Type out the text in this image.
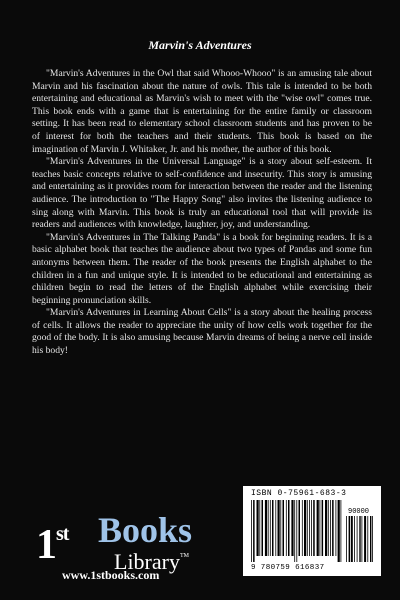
Marvin's Adventures

"Marvin's Adventures in the Owl that said Whooo-Whooo" is an amusing tale about Marvin and his fascination about the nature of owls. This tale is intended to be both entertaining and educational as Marvin's wish to meet with the "wise owl" comes true. This book ends with a game that is entertaining for the entire family or classroom setting. It has been read to elementary school classroom students and has proven to be of interest for both the teachers and their students. This book is based on the imagination of Marvin J. Whitaker, Jr. and his mother, the author of this book.

"Marvin's Adventures in the Universal Language" is a story about self-esteem. It teaches basic concepts relative to self-confidence and insecurity. This story is amusing and entertaining as it provides room for interaction between the reader and the listening audience. The introduction to "The Happy Song" also invites the listening audience to sing along with Marvin. This book is truly an educational tool that will provide its readers and audiences with knowledge, laughter, joy, and understanding.

"Marvin's Adventures in The Talking Panda" is a book for beginning readers. It is a basic alphabet book that teaches the audience about two types of Pandas and some fun antonyms between them. The reader of the book presents the English alphabet to the children in a fun and unique style. It is intended to be educational and entertaining as children begin to read the letters of the English alphabet while exercising their beginning pronunciation skills.

"Marvin's Adventures in Learning About Cells" is a story about the healing process of cells. It allows the reader to appreciate the unity of how cells work together for the good of the body. It is also amusing because Marvin dreams of being a nerve cell inside his body!

1st Books
Library™
www.1stbooks.com
ISBN 0-75961-683-3
90000
9 780759 616837
